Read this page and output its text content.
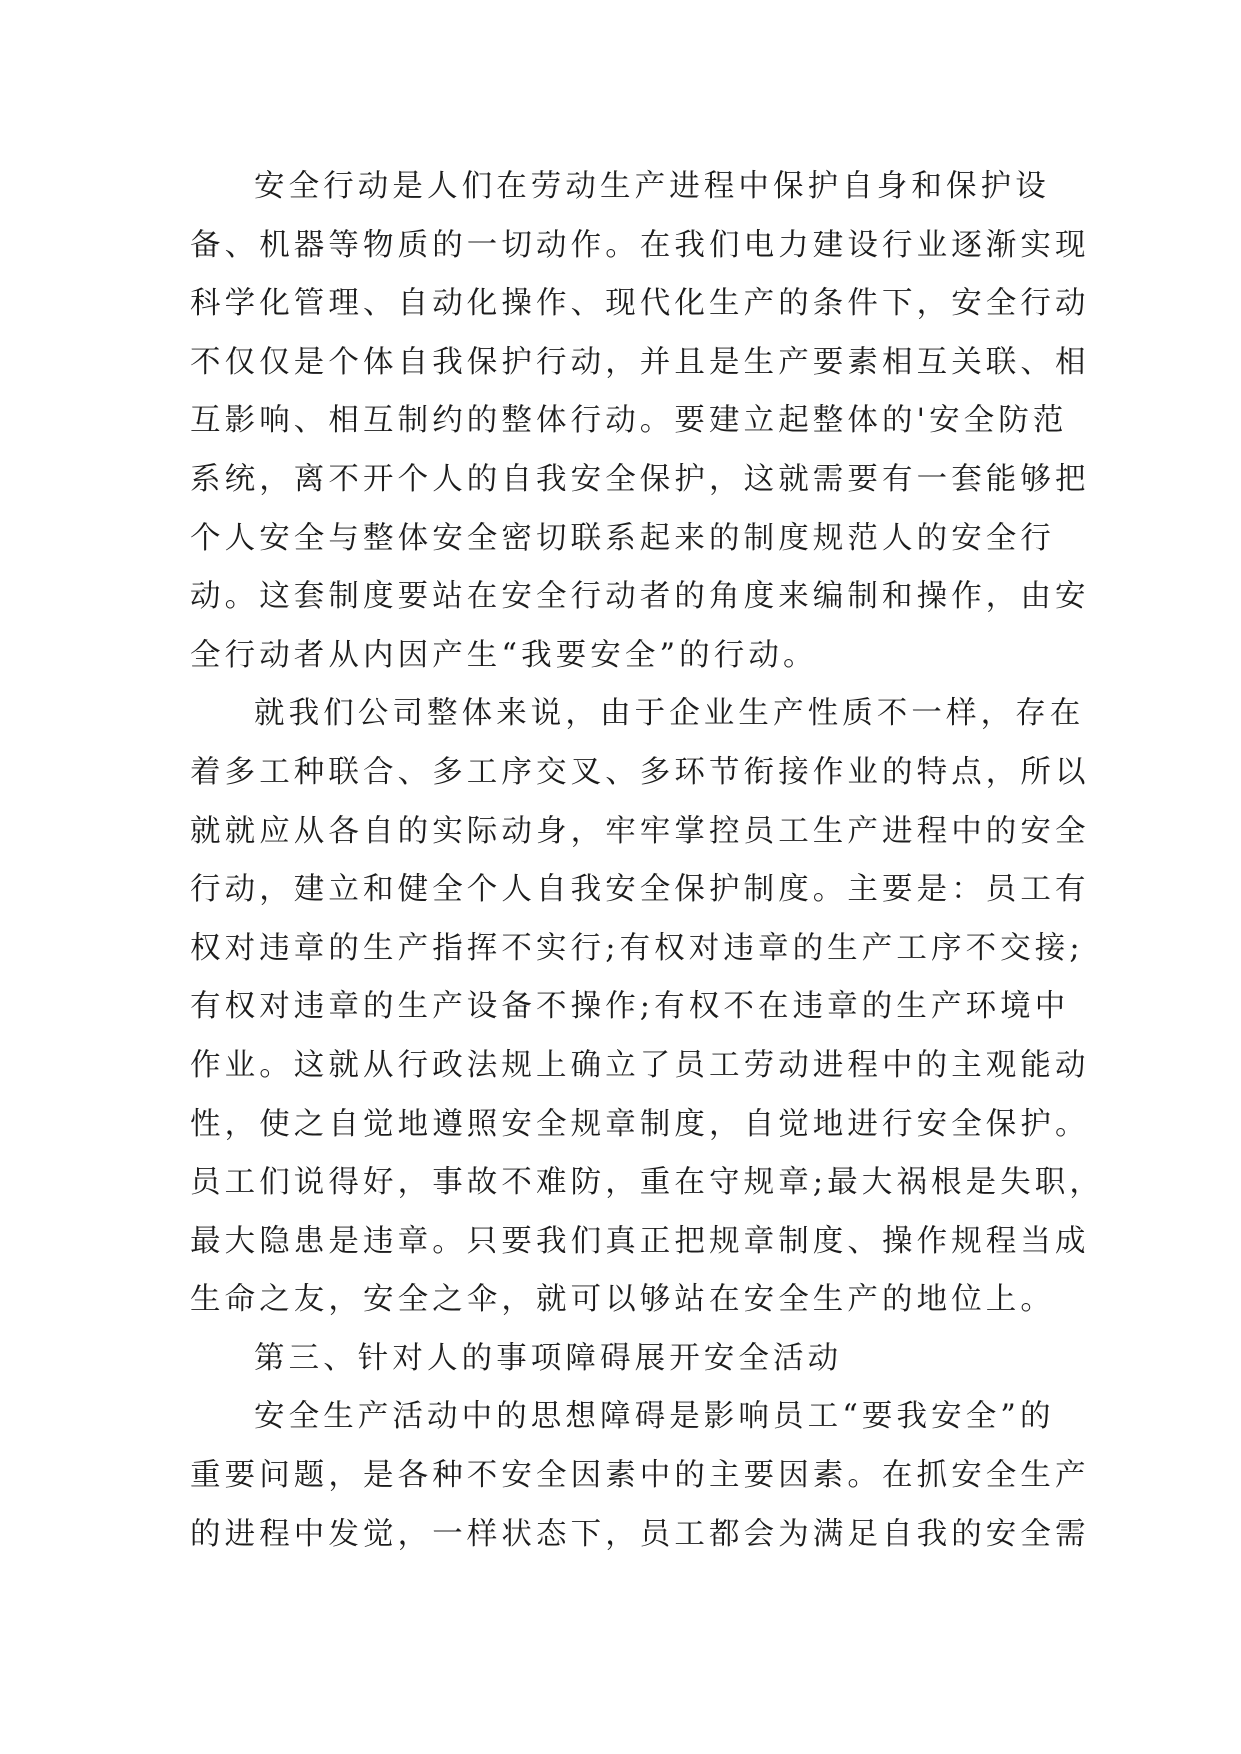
安全行动是人们在劳动生产进程中保护自身和保护设
备、机器等物质的一切动作。在我们电力建设行业逐渐实现
科学化管理、自动化操作、现代化生产的条件下，安全行动
不仅仅是个体自我保护行动，并且是生产要素相互关联、相
互影响、相互制约的整体行动。要建立起整体的'安全防范
系统，离不开个人的自我安全保护，这就需要有一套能够把
个人安全与整体安全密切联系起来的制度规范人的安全行
动。这套制度要站在安全行动者的角度来编制和操作，由安
全行动者从内因产生“我要安全”的行动。
就我们公司整体来说，由于企业生产性质不一样，存在
着多工种联合、多工序交叉、多环节衔接作业的特点，所以
就就应从各自的实际动身，牢牢掌控员工生产进程中的安全
行动，建立和健全个人自我安全保护制度。主要是：员工有
权对违章的生产指挥不实行;有权对违章的生产工序不交接;
有权对违章的生产设备不操作;有权不在违章的生产环境中
作业。这就从行政法规上确立了员工劳动进程中的主观能动
性，使之自觉地遵照安全规章制度，自觉地进行安全保护。
员工们说得好，事故不难防，重在守规章;最大祸根是失职，
最大隐患是违章。只要我们真正把规章制度、操作规程当成
生命之友，安全之伞，就可以够站在安全生产的地位上。
第三、针对人的事项障碍展开安全活动
安全生产活动中的思想障碍是影响员工“要我安全”的
重要问题，是各种不安全因素中的主要因素。在抓安全生产
的进程中发觉，一样状态下，员工都会为满足自我的安全需
